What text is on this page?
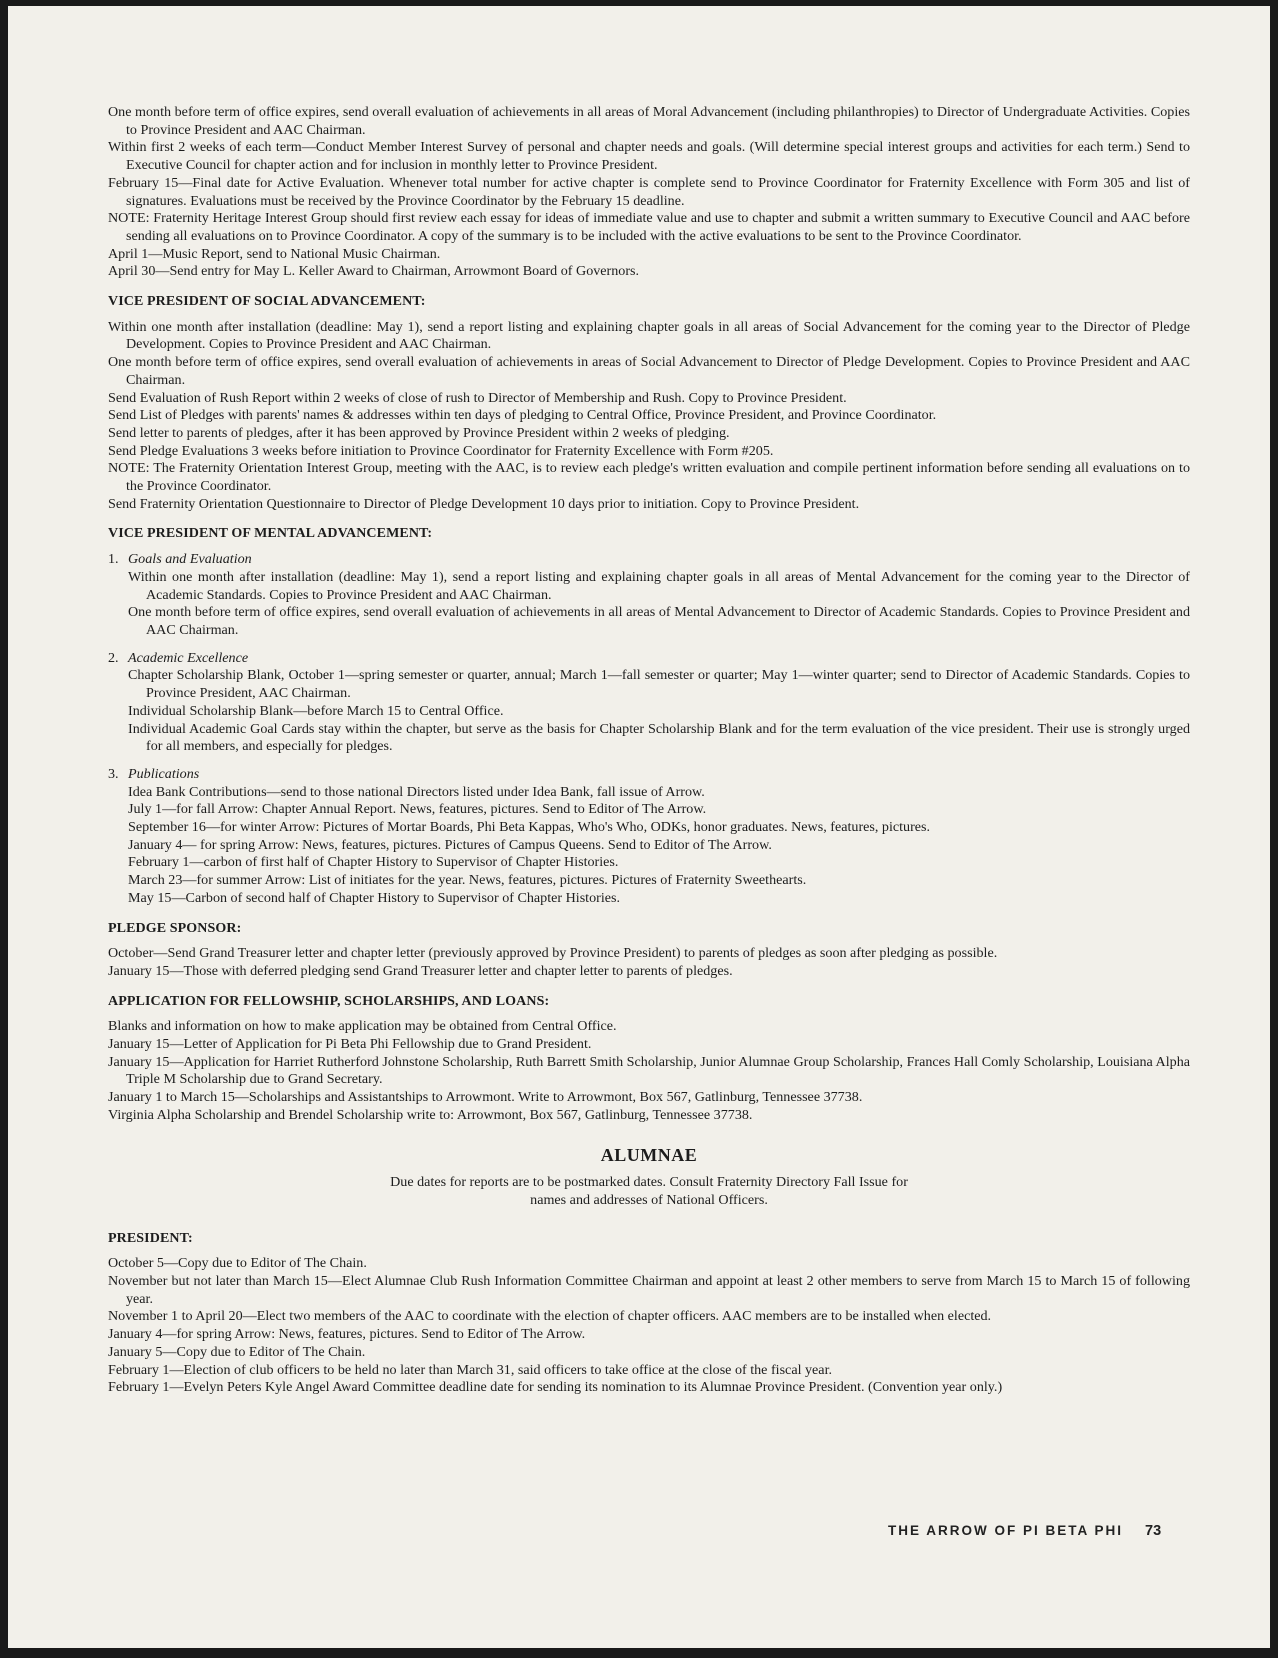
One month before term of office expires, send overall evaluation of achievements in all areas of Moral Advancement (including philanthropies) to Director of Undergraduate Activities. Copies to Province President and AAC Chairman.

Within first 2 weeks of each term—Conduct Member Interest Survey of personal and chapter needs and goals. (Will determine special interest groups and activities for each term.) Send to Executive Council for chapter action and for inclusion in monthly letter to Province President.

February 15—Final date for Active Evaluation. Whenever total number for active chapter is complete send to Province Coordinator for Fraternity Excellence with Form 305 and list of signatures. Evaluations must be received by the Province Coordinator by the February 15 deadline.

NOTE: Fraternity Heritage Interest Group should first review each essay for ideas of immediate value and use to chapter and submit a written summary to Executive Council and AAC before sending all evaluations on to Province Coordinator. A copy of the summary is to be included with the active evaluations to be sent to the Province Coordinator.

April 1—Music Report, send to National Music Chairman.

April 30—Send entry for May L. Keller Award to Chairman, Arrowmont Board of Governors.

VICE PRESIDENT OF SOCIAL ADVANCEMENT:

Within one month after installation (deadline: May 1), send a report listing and explaining chapter goals in all areas of Social Advancement for the coming year to the Director of Pledge Development. Copies to Province President and AAC Chairman.

One month before term of office expires, send overall evaluation of achievements in areas of Social Advancement to Director of Pledge Development. Copies to Province President and AAC Chairman.

Send Evaluation of Rush Report within 2 weeks of close of rush to Director of Membership and Rush. Copy to Province President.

Send List of Pledges with parents' names & addresses within ten days of pledging to Central Office, Province President, and Province Coordinator.

Send letter to parents of pledges, after it has been approved by Province President within 2 weeks of pledging.

Send Pledge Evaluations 3 weeks before initiation to Province Coordinator for Fraternity Excellence with Form #205.

NOTE: The Fraternity Orientation Interest Group, meeting with the AAC, is to review each pledge's written evaluation and compile pertinent information before sending all evaluations on to the Province Coordinator.

Send Fraternity Orientation Questionnaire to Director of Pledge Development 10 days prior to initiation. Copy to Province President.

VICE PRESIDENT OF MENTAL ADVANCEMENT:
1. Goals and Evaluation

Within one month after installation (deadline: May 1), send a report listing and explaining chapter goals in all areas of Mental Advancement for the coming year to the Director of Academic Standards. Copies to Province President and AAC Chairman.

One month before term of office expires, send overall evaluation of achievements in all areas of Mental Advancement to Director of Academic Standards. Copies to Province President and AAC Chairman.

2. Academic Excellence

Chapter Scholarship Blank, October 1—spring semester or quarter, annual; March 1—fall semester or quarter; May 1—winter quarter; send to Director of Academic Standards. Copies to Province President, AAC Chairman.

Individual Scholarship Blank—before March 15 to Central Office.

Individual Academic Goal Cards stay within the chapter, but serve as the basis for Chapter Scholarship Blank and for the term evaluation of the vice president. Their use is strongly urged for all members, and especially for pledges.

3. Publications

Idea Bank Contributions—send to those national Directors listed under Idea Bank, fall issue of Arrow.

July 1—for fall Arrow: Chapter Annual Report. News, features, pictures. Send to Editor of The Arrow.

September 16—for winter Arrow: Pictures of Mortar Boards, Phi Beta Kappas, Who's Who, ODKs, honor graduates. News, features, pictures.

January 4— for spring Arrow: News, features, pictures. Pictures of Campus Queens. Send to Editor of The Arrow.

February 1—carbon of first half of Chapter History to Supervisor of Chapter Histories.

March 23—for summer Arrow: List of initiates for the year. News, features, pictures. Pictures of Fraternity Sweethearts.

May 15—Carbon of second half of Chapter History to Supervisor of Chapter Histories.

PLEDGE SPONSOR:

October—Send Grand Treasurer letter and chapter letter (previously approved by Province President) to parents of pledges as soon after pledging as possible.

January 15—Those with deferred pledging send Grand Treasurer letter and chapter letter to parents of pledges.

APPLICATION FOR FELLOWSHIP, SCHOLARSHIPS, AND LOANS:

Blanks and information on how to make application may be obtained from Central Office.

January 15—Letter of Application for Pi Beta Phi Fellowship due to Grand President.

January 15—Application for Harriet Rutherford Johnstone Scholarship, Ruth Barrett Smith Scholarship, Junior Alumnae Group Scholarship, Frances Hall Comly Scholarship, Louisiana Alpha Triple M Scholarship due to Grand Secretary.

January 1 to March 15—Scholarships and Assistantships to Arrowmont. Write to Arrowmont, Box 567, Gatlinburg, Tennessee 37738.

Virginia Alpha Scholarship and Brendel Scholarship write to: Arrowmont, Box 567, Gatlinburg, Tennessee 37738.

ALUMNAE
Due dates for reports are to be postmarked dates. Consult Fraternity Directory Fall Issue for
names and addresses of National Officers.
PRESIDENT:

October 5—Copy due to Editor of The Chain.

November but not later than March 15—Elect Alumnae Club Rush Information Committee Chairman and appoint at least 2 other members to serve from March 15 to March 15 of following year.

November 1 to April 20—Elect two members of the AAC to coordinate with the election of chapter officers. AAC members are to be installed when elected.

January 4—for spring Arrow: News, features, pictures. Send to Editor of The Arrow.

January 5—Copy due to Editor of The Chain.

February 1—Election of club officers to be held no later than March 31, said officers to take office at the close of the fiscal year.

February 1—Evelyn Peters Kyle Angel Award Committee deadline date for sending its nomination to its Alumnae Province President. (Convention year only.)

THE ARROW OF PI BETA PHI 73
